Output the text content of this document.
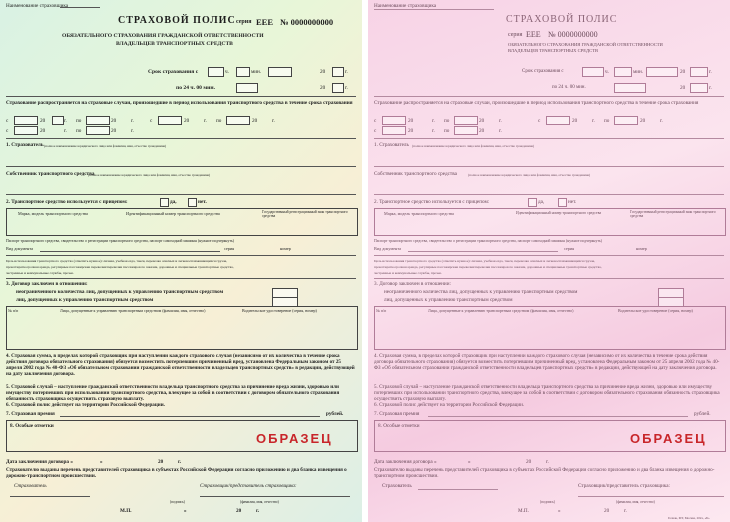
Наименование страховщика
СТРАХОВОЙ ПОЛИС серия ЕЕЕ № 0000000000
ОБЯЗАТЕЛЬНОГО СТРАХОВАНИЯ ГРАЖДАНСКОЙ ОТВЕТСТВЕННОСТИ
ВЛАДЕЛЬЦЕВ ТРАНСПОРТНЫХ СРЕДСТВ
Срок страхования с	ч.	мин.	20	г.
по 24 ч. 00 мин.	20	г.
Страхование распространяется на страховые случаи, произошедшие в период использования транспортного средства в течение срока страхования
с	20	г. по	20	г.
с	20	г. по	20	г.
с	20	г. по	20	г.
1. Страхователь (полное наименование юридического лица или фамилия, имя, отчество гражданина)
Собственник транспортного средства
(полное наименование юридического лица или фамилия, имя, отчество гражданина)
2. Транспортное средство используется с прицепом:	да,	нет.
Марка, модель транспортного средства	Идентификационный номер транспортного средства	Государственный регистрационный знак транспортного средства
Паспорт транспортного средства, свидетельство о регистрации транспортного средства, паспорт самоходной машины (нужное подчеркнуть)
Вид документа	серия	номер
Цель использования транспортного средства (отметить нужное): личная, учебная езда, такси, перевозка опасных и легковоспламеняющихся грузов,
прокат/краткосрочная аренда, регулярные пассажирские перевозки/перевозки пассажиров по заказам, дорожные и специальные транспортные средства,
экстренные и коммунальные службы, прочее.
3. Договор заключен в отношении:
неограниченного количества лиц, допущенных к управлению транспортным средством
лиц, допущенных к управлению транспортным средством
№ п/п	Лица, допущенные к управлению транспортным средством (фамилия, имя, отчество)	Водительское удостоверение (серия, номер)
4. Страховая сумма, в пределах которой страховщик при наступлении каждого страхового случая (независимо от их количества в течение срока действия договора обязательного страхования) обязуется возместить потерпевшим причиненный вред, установлена Федеральным законом от 25 апреля 2002 года № 40-ФЗ «Об обязательном страховании гражданской ответственности владельцев транспортных средств» в редакции, действующей на дату заключения договора.
5. Страховой случай – наступление гражданской ответственности владельца транспортного средства за причинение вреда жизни, здоровью или имуществу потерпевших при использовании транспортного средства, влекущее за собой в соответствии с договором обязательного страхования обязанность страховщика осуществить страховую выплату.
6. Страховой полис действует на территории Российской Федерации.
7. Страховая премия	рублей.
8. Особые отметки
ОБРАЗЕЦ
Дата заключения договора «	»	20	г.
Страхователю выданы перечень представителей страховщика в субъектах Российской Федерации согласно приложению и два бланка извещения о дорожно-транспортном происшествии.
Страхователь	Страховщик/представитель страховщика:
(подпись)	(фамилия, имя, отчество)
М.П.	»	20	г.
Наименование страховщика
СТРАХОВОЙ ПОЛИС
серия ЕЕЕ № 0000000000
ОБЯЗАТЕЛЬНОГО СТРАХОВАНИЯ ГРАЖДАНСКОЙ ОТВЕТСТВЕННОСТИ
ВЛАДЕЛЬЦЕВ ТРАНСПОРТНЫХ СРЕДСТВ
Срок страхования с	ч.	мин.	20	г.
по 24 ч. 00 мин.	20	г.
Страхование распространяется на страховые случаи, произошедшие в период использования транспортного средства в течение срока страхования
с	20	г. по	20	г.
с	20	г. по	20	г.
с	20	г. по	20	г.
1. Страхователь (полное наименование юридического лица или фамилия, имя, отчество гражданина)
Собственник транспортного средства	(полное наименование юридического лица или фамилия, имя, отчество гражданина)
2. Транспортное средство используется с прицепом:	да,	нет.
Марка, модель транспортного средства	Идентификационный номер транспортного средства	Государственный регистрационный знак транспортного средства
Паспорт транспортного средства, свидетельство о регистрации транспортного средства, паспорт самоходной машины (нужное подчеркнуть)
Вид документа	серия	номер
Цель использования транспортного средства (отметить нужное): личная, учебная езда, такси, перевозка опасных и легковоспламеняющихся грузов,
прокат/краткосрочная аренда, регулярные пассажирские перевозки/перевозки пассажиров по заказам, дорожные и специальные транспортные средства,
экстренные и коммунальные службы, прочее.
3. Договор заключен в отношении:
неограниченного количества лиц, допущенных к управлению транспортным средством
лиц, допущенных к управлению транспортным средством
№ п/п	Лица, допущенные к управлению транспортным средством (фамилия, имя, отчество)	Водительское удостоверение (серия, номер)
4. Страховая сумма, в пределах которой страховщик при наступлении каждого страхового случая (независимо от их количества в течение срока действия договора обязательного страхования) обязуется возместить потерпевшим причиненный вред, установлена Федеральным законом от 25 апреля 2002 года № 40-ФЗ «Об обязательном страховании гражданской ответственности владельцев транспортных средств» в редакции, действующей на дату заключения договора.
5. Страховой случай – наступление гражданской ответственности владельца транспортного средства за причинение вреда жизни, здоровью или имуществу потерпевших при использовании транспортного средства, влекущее за собой в соответствии с договором обязательного страхования обязанность страховщика осуществить страховую выплату.
6. Страховой полис действует на территории Российской Федерации.
7. Страховая премия	рублей.
8. Особые отметки
ОБРАЗЕЦ
Дата заключения договора «	»	20	г.
Страхователю выданы перечень представителей страховщика в субъектах Российской Федерации согласно приложению и два бланка извещения о дорожно-транспортном происшествии.
Страхователь	Страховщик/представитель страховщика:
(подпись)	(фамилия, имя, отчество)
М.П.	»	20	г.
Гознак, МТ, Москва, 20хх, «Б»
